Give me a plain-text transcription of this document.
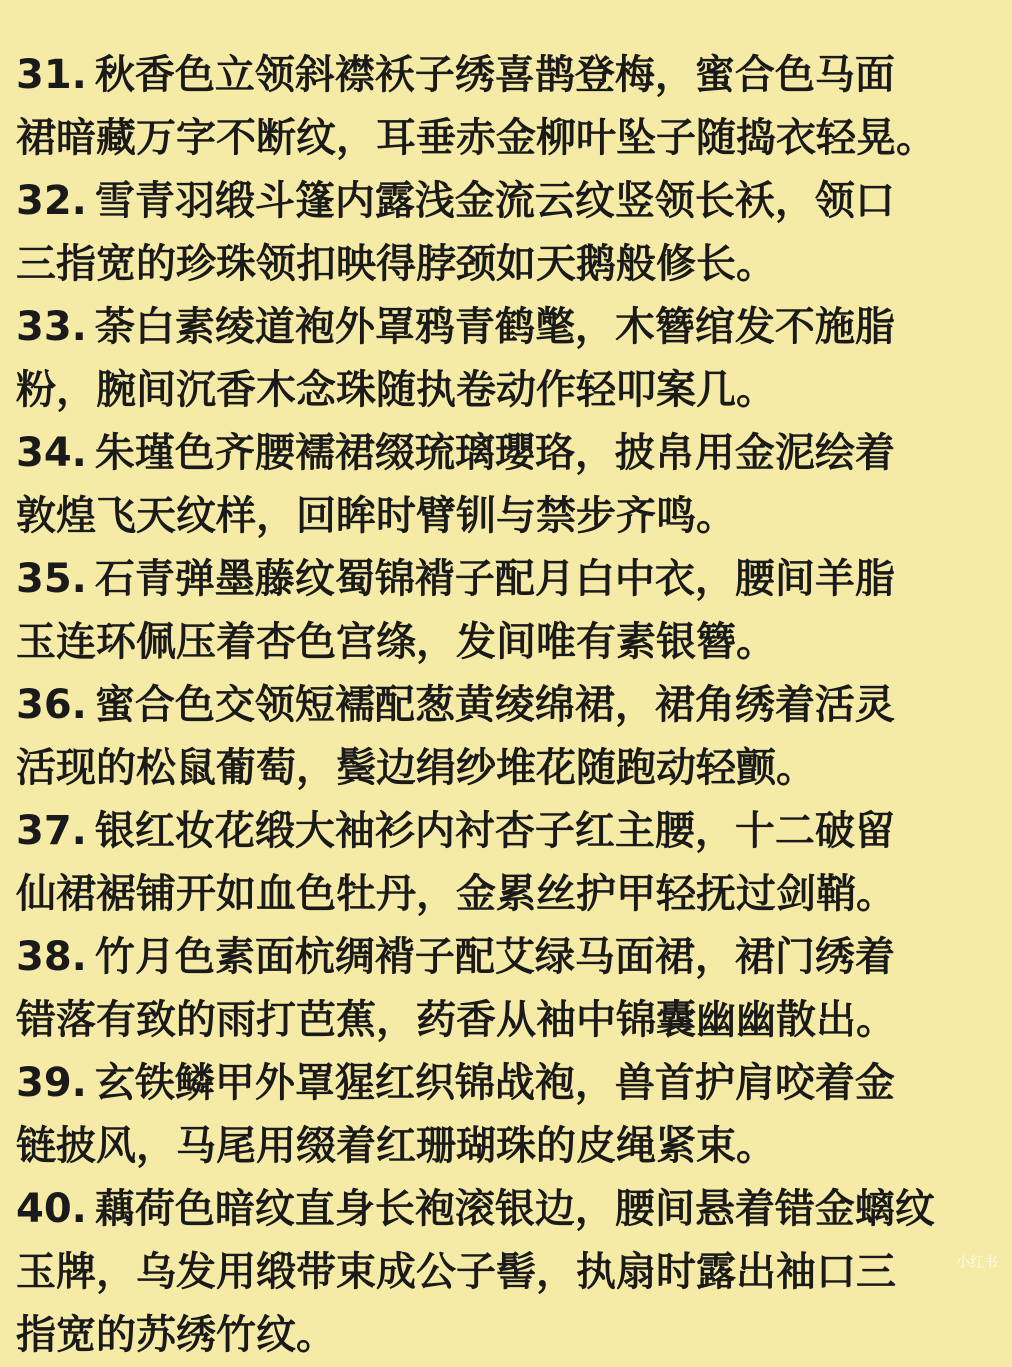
31. 秋香色立领斜襟袄子绣喜鹊登梅，蜜合色马面
裙暗藏万字不断纹，耳垂赤金柳叶坠子随捣衣轻晃。
32. 雪青羽缎斗篷内露浅金流云纹竖领长袄，领口
三指宽的珍珠领扣映得脖颈如天鹅般修长。
33. 荼白素绫道袍外罩鸦青鹤氅，木簪绾发不施脂
粉，腕间沉香木念珠随执卷动作轻叩案几。
34. 朱瑾色齐腰襦裙缀琉璃瓔珞，披帛用金泥绘着
敦煌飞天纹样，回眸时臂钏与禁步齐鸣。
35. 石青弹墨藤纹蜀锦褙子配月白中衣，腰间羊脂
玉连环佩压着杏色宫绦，发间唯有素银簪。
36. 蜜合色交领短襦配葱黄绫绵裙，裙角绣着活灵
活现的松鼠葡萄，鬓边绢纱堆花随跑动轻颤。
37. 银红妆花缎大袖衫内衬杏子红主腰，十二破留
仙裙裾铺开如血色牡丹，金累丝护甲轻抚过剑鞘。
38. 竹月色素面杭绸褙子配艾绿马面裙，裙门绣着
错落有致的雨打芭蕉，药香从袖中锦囊幽幽散出。
39. 玄铁鳞甲外罩猩红织锦战袍，兽首护肩咬着金
链披风，马尾用缀着红珊瑚珠的皮绳紧束。
40. 藕荷色暗纹直身长袍滚银边，腰间悬着错金螭纹
玉牌，乌发用缎带束成公子髻，执扇时露出袖口三
指宽的苏绣竹纹。
小红书
